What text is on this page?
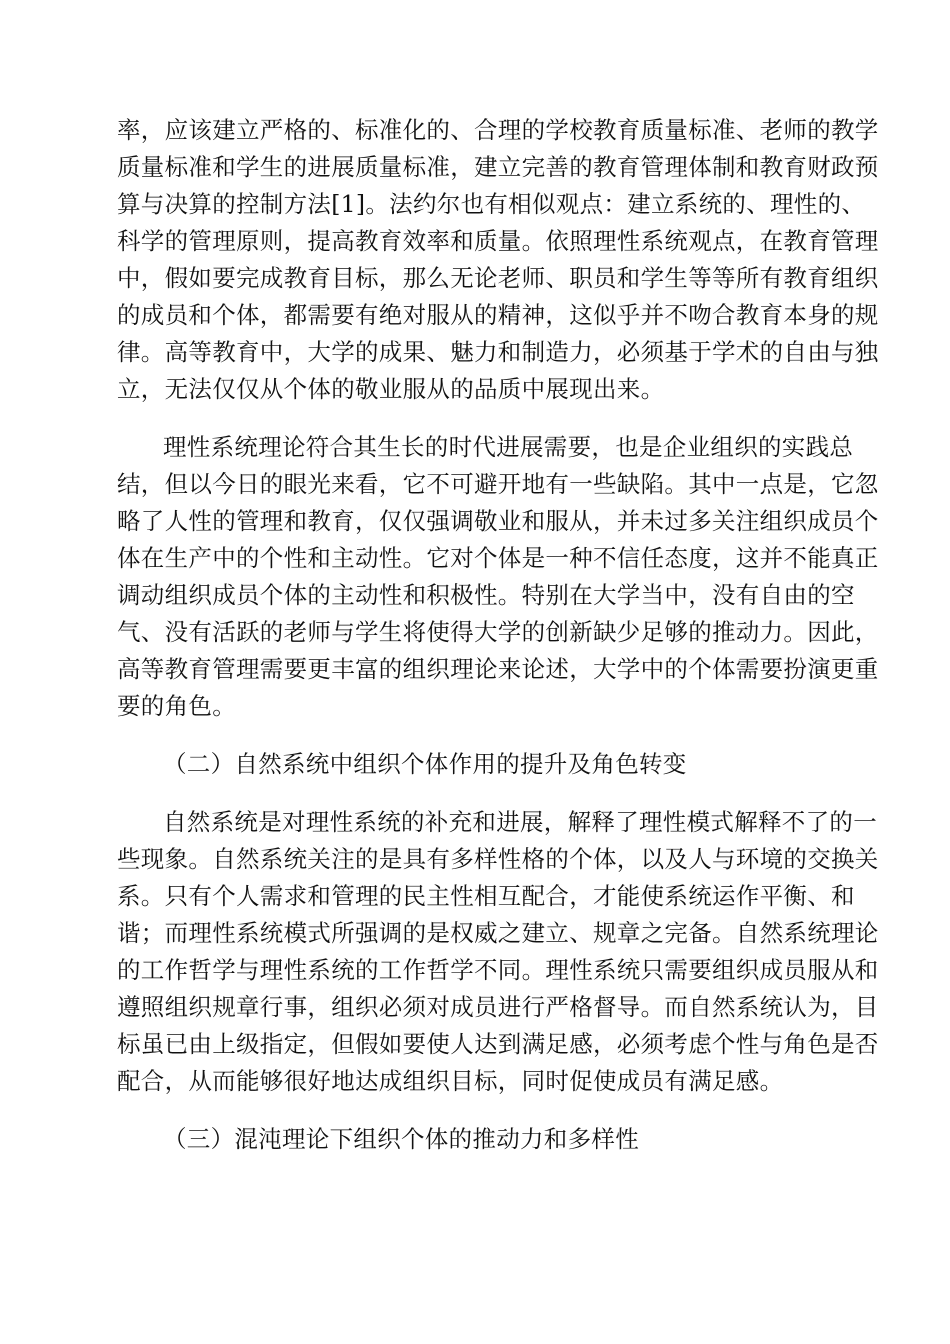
率，应该建立严格的、标准化的、合理的学校教育质量标准、老师的教学
质量标准和学生的进展质量标准，建立完善的教育管理体制和教育财政预
算与决算的控制方法[1]。法约尔也有相似观点：建立系统的、理性的、
科学的管理原则，提高教育效率和质量。依照理性系统观点，在教育管理
中，假如要完成教育目标，那么无论老师、职员和学生等等所有教育组织
的成员和个体，都需要有绝对服从的精神，这似乎并不吻合教育本身的规
律。高等教育中，大学的成果、魅力和制造力，必须基于学术的自由与独
立，无法仅仅从个体的敬业服从的品质中展现出来。
理性系统理论符合其生长的时代进展需要，也是企业组织的实践总
结，但以今日的眼光来看，它不可避开地有一些缺陷。其中一点是，它忽
略了人性的管理和教育，仅仅强调敬业和服从，并未过多关注组织成员个
体在生产中的个性和主动性。它对个体是一种不信任态度，这并不能真正
调动组织成员个体的主动性和积极性。特别在大学当中，没有自由的空
气、没有活跃的老师与学生将使得大学的创新缺少足够的推动力。因此，
高等教育管理需要更丰富的组织理论来论述，大学中的个体需要扮演更重
要的角色。
（二）自然系统中组织个体作用的提升及角色转变
自然系统是对理性系统的补充和进展，解释了理性模式解释不了的一
些现象。自然系统关注的是具有多样性格的个体，以及人与环境的交换关
系。只有个人需求和管理的民主性相互配合，才能使系统运作平衡、和
谐；而理性系统模式所强调的是权威之建立、规章之完备。自然系统理论
的工作哲学与理性系统的工作哲学不同。理性系统只需要组织成员服从和
遵照组织规章行事，组织必须对成员进行严格督导。而自然系统认为，目
标虽已由上级指定，但假如要使人达到满足感，必须考虑个性与角色是否
配合，从而能够很好地达成组织目标，同时促使成员有满足感。
（三）混沌理论下组织个体的推动力和多样性
